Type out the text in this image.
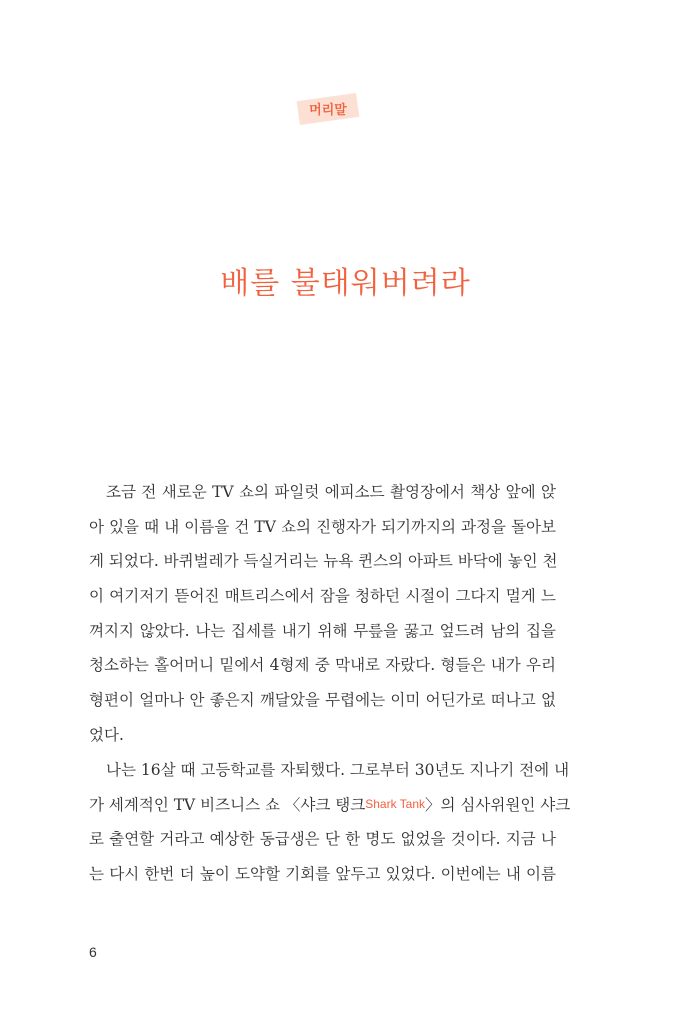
머리말
배를 불태워버려라
조금 전 새로운 TV 쇼의 파일럿 에피소드 촬영장에서 책상 앞에 앉
아 있을 때 내 이름을 건 TV 쇼의 진행자가 되기까지의 과정을 돌아보
게 되었다. 바퀴벌레가 득실거리는 뉴욕 퀸스의 아파트 바닥에 놓인 천
이 여기저기 뜯어진 매트리스에서 잠을 청하던 시절이 그다지 멀게 느
껴지지 않았다. 나는 집세를 내기 위해 무릎을 꿇고 엎드려 남의 집을
청소하는 홀어머니 밑에서 4형제 중 막내로 자랐다. 형들은 내가 우리
형편이 얼마나 안 좋은지 깨달았을 무렵에는 이미 어딘가로 떠나고 없
었다.
나는 16살 때 고등학교를 자퇴했다. 그로부터 30년도 지나기 전에 내
가 세계적인 TV 비즈니스 쇼 〈샤크 탱크Shark Tank〉의 심사위원인 샤크
로 출연할 거라고 예상한 동급생은 단 한 명도 없었을 것이다. 지금 나
는 다시 한번 더 높이 도약할 기회를 앞두고 있었다. 이번에는 내 이름
6
